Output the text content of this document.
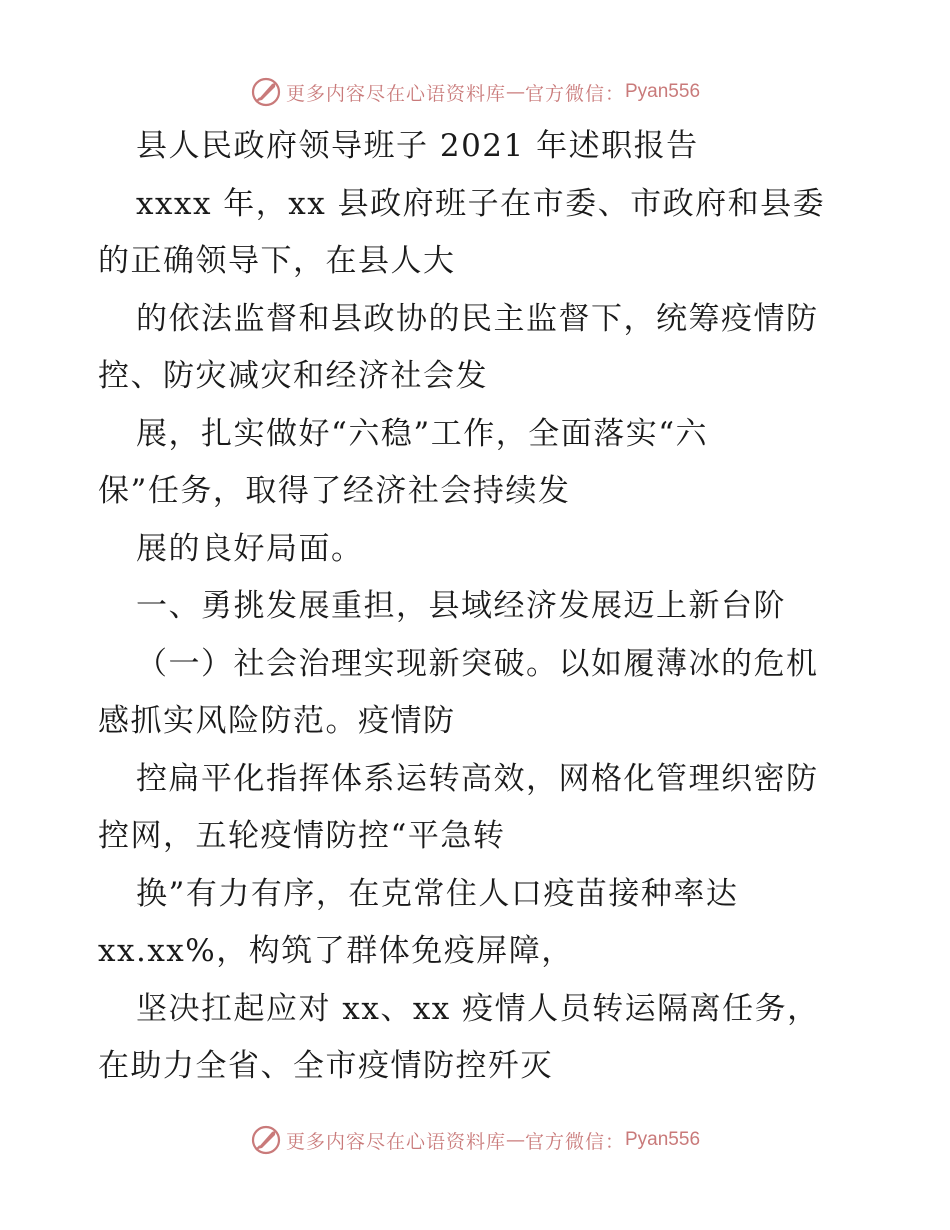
更多内容尽在心语资料库 — 官方微信： Pyan556
县人民政府领导班子 2021 年述职报告
xxxx 年，xx 县政府班子在市委、市政府和县委
的正确领导下，在县人大
的依法监督和县政协的民主监督下，统筹疫情防
控、防灾减灾和经济社会发
展，扎实做好“六稳”工作，全面落实“六
保”任务，取得了经济社会持续发
展的良好局面。
一、勇挑发展重担，县域经济发展迈上新台阶
（一）社会治理实现新突破。以如履薄冰的危机
感抓实风险防范。疫情防
控扁平化指挥体系运转高效，网格化管理织密防
控网，五轮疫情防控“平急转
换”有力有序，在克常住人口疫苗接种率达
xx.xx%，构筑了群体免疫屏障，
坚决扛起应对 xx、xx 疫情人员转运隔离任务，
在助力全省、全市疫情防控歼灭
更多内容尽在心语资料库 — 官方微信： Pyan556
